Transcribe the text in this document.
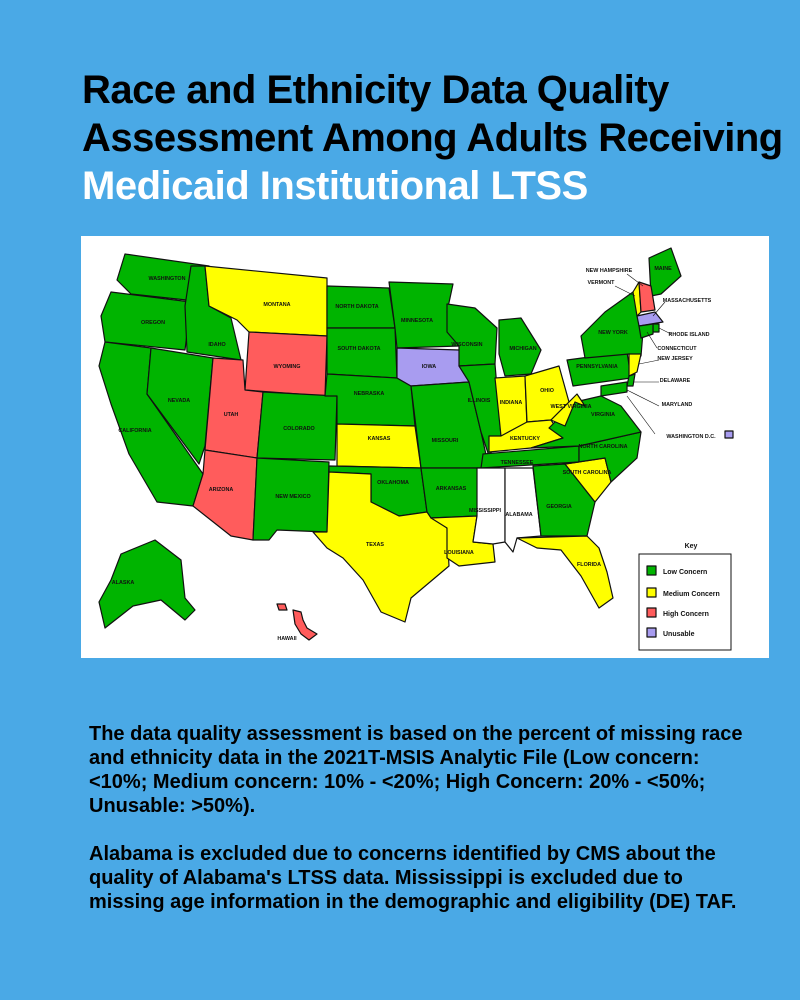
Race and Ethnicity Data Quality
Assessment Among Adults Receiving
Medicaid Institutional LTSS
WASHINGTON
OREGON
CALIFORNIA
IDAHO
NEVADA
MONTANA
WYOMING
UTAH
ARIZONA
COLORADO
NEW MEXICO
NORTH DAKOTA
SOUTH DAKOTA
NEBRASKA
KANSAS
OKLAHOMA
TEXAS
MINNESOTA
IOWA
MISSOURI
ARKANSAS
LOUISIANA
WISCONSIN
ILLINOIS
MICHIGAN
INDIANA
OHIO
KENTUCKY
TENNESSEE
MISSISSIPPI
ALABAMA
GEORGIA
FLORIDA
SOUTH CAROLINA
NORTH CAROLINA
VIRGINIA
WEST VIRGINIA
PENNSYLVANIA
NEW YORK
MAINE
VERMONT
NEW HAMPSHIRE
MASSACHUSETTS
RHODE ISLAND
CONNECTICUT
NEW JERSEY
DELAWARE
MARYLAND
WASHINGTON D.C.
ALASKA
HAWAII
Key
Low Concern
Medium Concern
High Concern
Unusable

The data quality assessment is based on the percent of missing race and ethnicity data in the 2021T-MSIS Analytic File (Low concern: <10%; Medium concern: 10% - <20%; High Concern: 20% - <50%; Unusable: >50%).

Alabama is excluded due to concerns identified by CMS about the quality of Alabama's LTSS data. Mississippi is excluded due to missing age information in the demographic and eligibility (DE) TAF.
